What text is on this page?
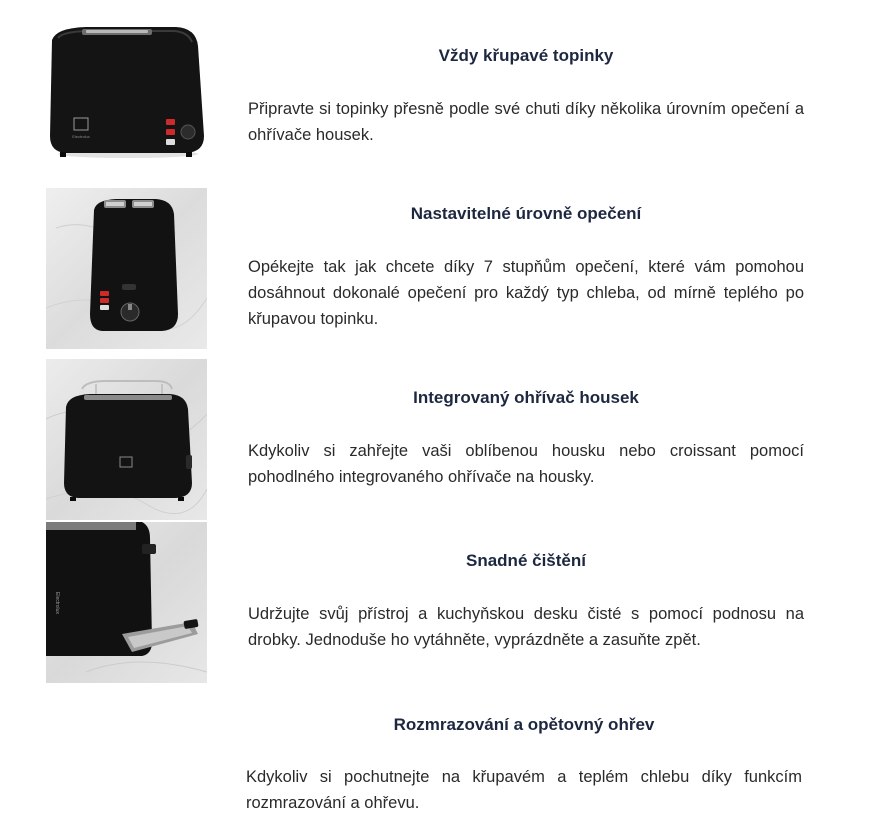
Electrolux
Vždy křupavé topinky
Připravte si topinky přesně podle své chuti díky několika úrovním opečení a ohřívače housek.
Nastavitelné úrovně opečení
Opékejte tak jak chcete díky 7 stupňům opečení, které vám pomohou dosáhnout dokonalé opečení pro každý typ chleba, od mírně teplého po křupavou topinku.
Integrovaný ohřívač housek
Kdykoliv si zahřejte vaši oblíbenou housku nebo croissant pomocí pohodlného integrovaného ohřívače na housky.
Electrolux
Snadné čištění
Udržujte svůj přístroj a kuchyňskou desku čisté s pomocí podnosu na drobky. Jednoduše ho vytáhněte, vyprázdněte a zasuňte zpět.
Rozmrazování a opětovný ohřev
Kdykoliv si pochutnejte na křupavém a teplém chlebu díky funkcím rozmrazování a ohřevu.
